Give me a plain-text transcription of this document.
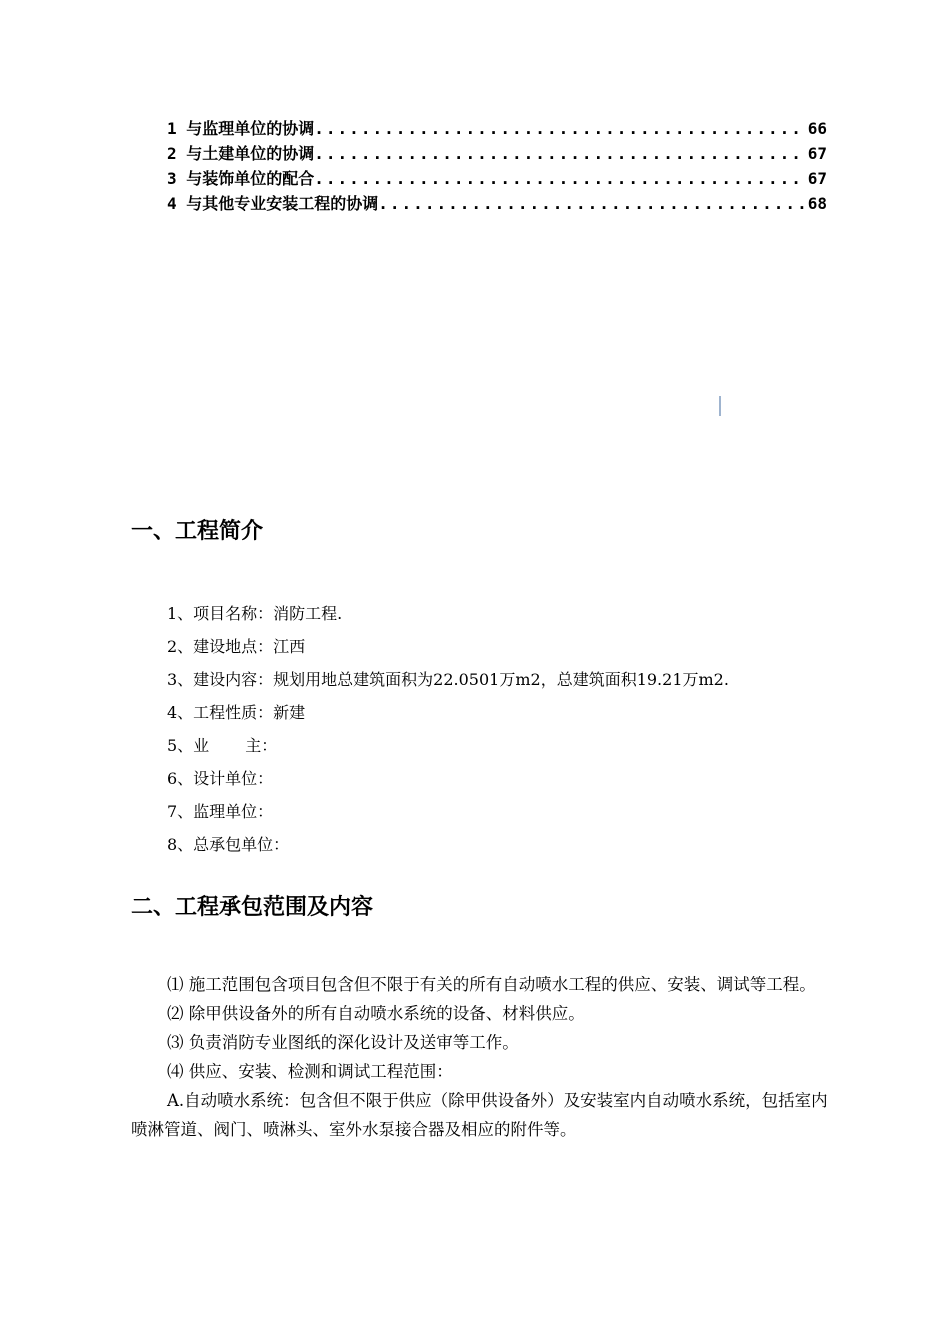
1 与监理单位的协调 .....	66
2 与土建单位的协调 .....	67
3 与装饰单位的配合 .....	67
4 与其他专业安装工程的协调 .....	68
一、工程简介
1、项目名称：消防工程.
2、建设地点：江西
3、建设内容：规划用地总建筑面积为22.0501万m2，总建筑面积19.21万m2.
4、工程性质：新建
5、业 主：
6、设计单位：
7、监理单位：
8、总承包单位：
二、工程承包范围及内容

⑴ 施工范围包含项目包含但不限于有关的所有自动喷水工程的供应、安装、调试等工程。

⑵ 除甲供设备外的所有自动喷水系统的设备、材料供应。

⑶ 负责消防专业图纸的深化设计及送审等工作。

⑷ 供应、安装、检测和调试工程范围：

A.自动喷水系统：包含但不限于供应（除甲供设备外）及安装室内自动喷水系统，包括室内喷淋管道、阀门、喷淋头、室外水泵接合器及相应的附件等。
